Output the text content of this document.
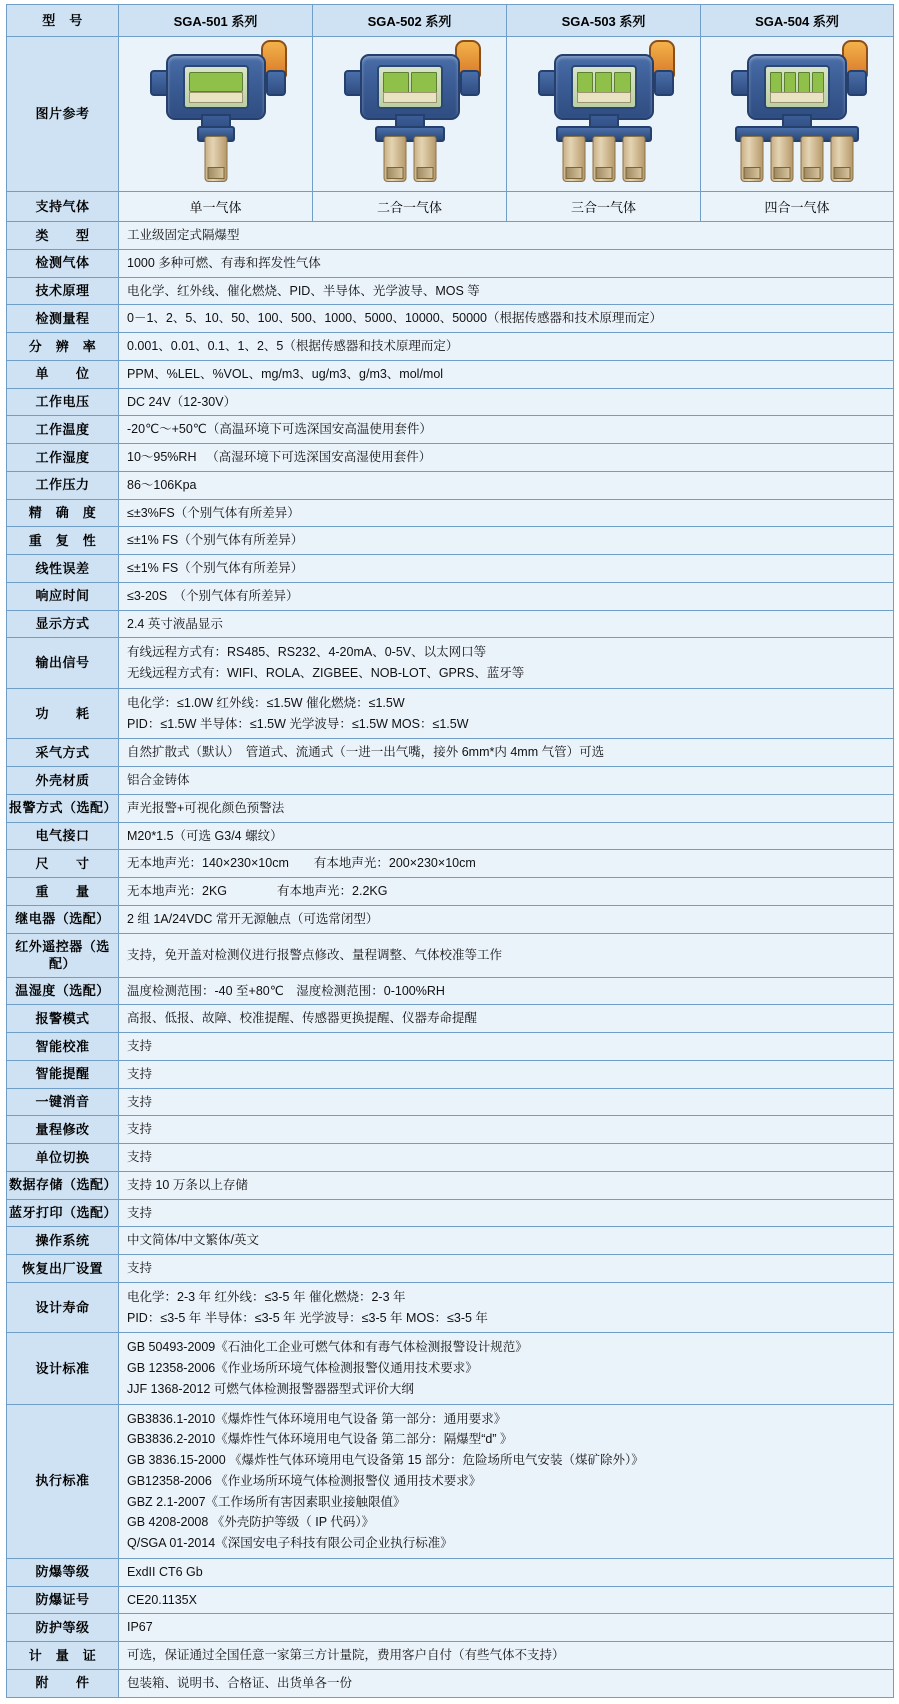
型　号	SGA-501 系列	SGA-502 系列	SGA-503 系列	SGA-504 系列
图片参考	

支持气体	单一气体	二合一气体	三合一气体	四合一气体
类　　型	工业级固定式隔爆型			
检测气体	1000 多种可燃、有毒和挥发性气体			
技术原理	电化学、红外线、催化燃烧、PID、半导体、光学波导、MOS 等			
检测量程	0－1、2、5、10、50、100、500、1000、5000、10000、50000（根据传感器和技术原理而定）			
分　辨　率	0.001、0.01、0.1、1、2、5（根据传感器和技术原理而定）			
单　　位	PPM、%LEL、%VOL、mg/m3、ug/m3、g/m3、mol/mol			
工作电压	DC 24V（12-30V）			
工作温度	-20℃～+50℃（高温环境下可选深国安高温使用套件）			
工作湿度	10～95%RH 　（高湿环境下可选深国安高湿使用套件）			
工作压力	86～106Kpa			
精　确　度	≤±3%FS（个别气体有所差异）			
重　复　性	≤±1% FS（个别气体有所差异）			
线性误差	≤±1% FS（个别气体有所差异）			
响应时间	≤3-20S　（个别气体有所差异）			
显示方式	2.4 英寸液晶显示			
输出信号	有线远程方式有：RS485、RS232、4-20mA、0-5V、以太网口等
无线远程方式有：WIFI、ROLA、ZIGBEE、NOB-LOT、GPRS、蓝牙等			

功　　耗	电化学：≤1.0W 红外线：≤1.5W 催化燃烧：≤1.5W
PID：≤1.5W 半导体：≤1.5W 光学波导：≤1.5W MOS：≤1.5W			

采气方式	自然扩散式（默认）　管道式、流通式（一进一出气嘴，接外 6mm*内 4mm 气管）可选			
外壳材质	铝合金铸体			
报警方式（选配）	声光报警+可视化颜色预警法			
电气接口	M20*1.5（可选 G3/4 螺纹）			
尺　　寸	无本地声光：140×230×10cm　　有本地声光：200×230×10cm			
重　　量	无本地声光：2KG　　　　有本地声光：2.2KG			
继电器（选配）	2 组 1A/24VDC 常开无源触点（可选常闭型）			
红外遥控器（选配）	支持，免开盖对检测仪进行报警点修改、量程调整、气体校准等工作			
温湿度（选配）	温度检测范围：-40 至+80℃　湿度检测范围：0-100%RH			
报警模式	高报、低报、故障、校准提醒、传感器更换提醒、仪器寿命提醒			
智能校准	支持			
智能提醒	支持			
一键消音	支持			
量程修改	支持			
单位切换	支持			
数据存储（选配）	支持 10 万条以上存储			
蓝牙打印（选配）	支持			
操作系统	中文简体/中文繁体/英文			
恢复出厂设置	支持			
设计寿命	电化学：2-3 年 红外线：≤3-5 年 催化燃烧：2-3 年
PID：≤3-5 年 半导体：≤3-5 年 光学波导：≤3-5 年 MOS：≤3-5 年			

设计标准	GB 50493-2009《石油化工企业可燃气体和有毒气体检测报警设计规范》
GB 12358-2006《作业场所环境气体检测报警仪通用技术要求》
JJF 1368-2012 可燃气体检测报警器器型式评价大纲			

执行标准	
GB3836.1-2010《爆炸性气体环境用电气设备 第一部分：通用要求》
GB3836.2-2010《爆炸性气体环境用电气设备 第二部分：隔爆型“d” 》
GB 3836.15-2000 《爆炸性气体环境用电气设备第 15 部分：危险场所电气安装（煤矿除外）》
GB12358-2006 《作业场所环境气体检测报警仪 通用技术要求》
GBZ 2.1-2007《工作场所有害因素职业接触限值》
GB 4208-2008 《外壳防护等级（ IP 代码）》
Q/SGA 01-2014《深国安电子科技有限公司企业执行标准》

防爆等级	ExdII CT6 Gb			
防爆证号	CE20.1135X			
防护等级	IP67			
计　量　证	可选，保证通过全国任意一家第三方计量院，费用客户自付（有些气体不支持）			
附　　件	包装箱、说明书、合格证、出货单各一份			
